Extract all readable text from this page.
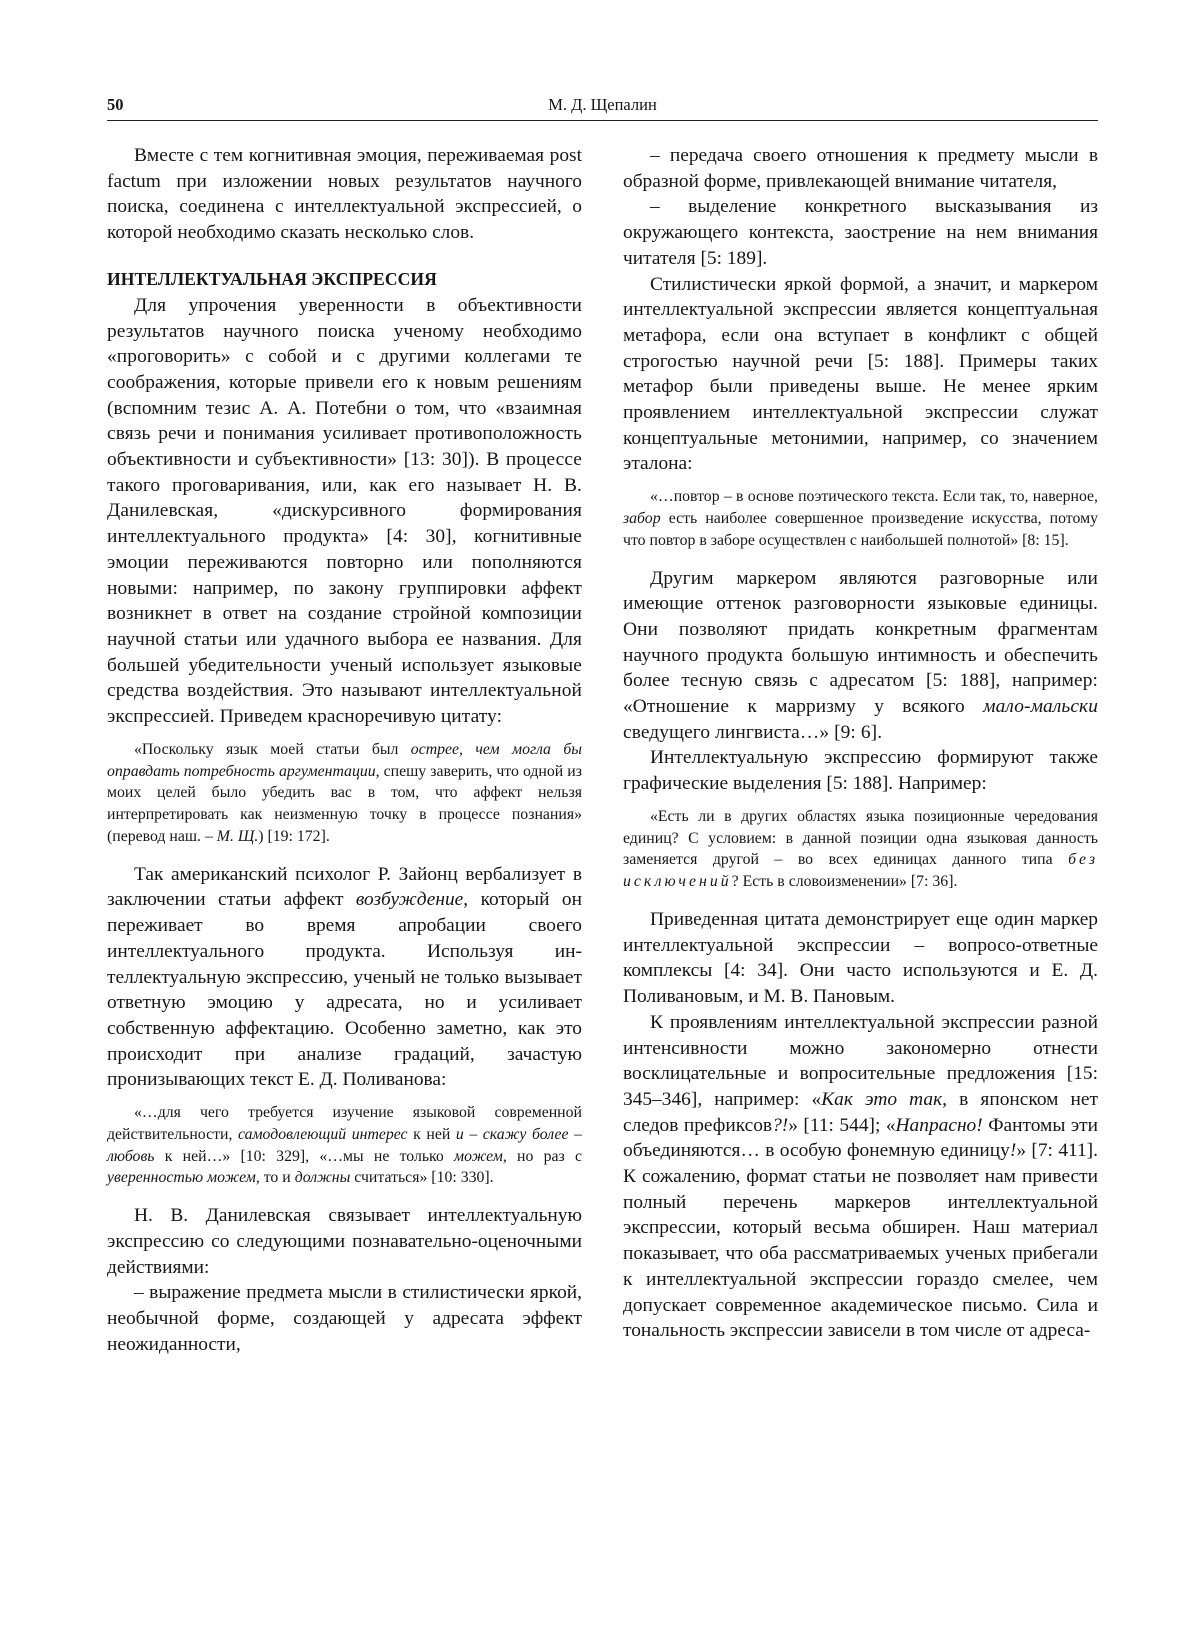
50	М. Д. Щепалин

Вместе с тем когнитивная эмоция, переживаемая post factum при изложении новых результатов научного поиска, соединена с интеллектуальной экспрессией, о которой необходимо сказать несколько слов.

ИНТЕЛЛЕКТУАЛЬНАЯ ЭКСПРЕССИЯ

Для упрочения уверенности в объективности результатов научного поиска ученому необходимо «проговорить» с собой и с другими коллегами те соображения, которые привели его к новым решениям (вспомним тезис А. А. Потебни о том, что «взаимная связь речи и понимания усиливает противоположность объективности и субъективности» [13: 30]). В процессе такого проговаривания, или, как его называет Н. В. Данилевская, «дискурсивного формирования интеллектуального продукта» [4: 30], когнитивные эмоции переживаются повторно или пополняются новыми: например, по закону группировки аффект возникнет в ответ на создание стройной композиции научной статьи или удачного выбора ее названия. Для большей убедительности ученый использует языковые средства воздействия. Это называют интеллектуальной экспрессией. Приведем красноречивую цитату:

«Поскольку язык моей статьи был острее, чем могла бы оправдать потребность аргументации, спешу заверить, что одной из моих целей было убедить вас в том, что аффект нельзя интерпретировать как неизменную точку в процессе познания» (перевод наш. – М. Щ.) [19: 172].

Так американский психолог Р. Зайонц вербализует в заключении статьи аффект возбуждение, который он переживает во время апробации своего интеллектуального продукта. Используя интеллектуальную экспрессию, ученый не только вызывает ответную эмоцию у адресата, но и усиливает собственную аффектацию. Особенно заметно, как это происходит при анализе градаций, зачастую пронизывающих текст Е. Д. Поливанова:

«…для чего требуется изучение языковой современной действительности, самодовлеющий интерес к ней и – скажу более – любовь к ней…» [10: 329], «…мы не только можем, но раз с уверенностью можем, то и должны считаться» [10: 330].

Н. В. Данилевская связывает интеллектуальную экспрессию со следующими познавательно-оценочными действиями:

– выражение предмета мысли в стилистически яркой, необычной форме, создающей у адресата эффект неожиданности,

– передача своего отношения к предмету мысли в образной форме, привлекающей внимание читателя,

– выделение конкретного высказывания из окружающего контекста, заострение на нем внимания читателя [5: 189].

Стилистически яркой формой, а значит, и маркером интеллектуальной экспрессии является концептуальная метафора, если она вступает в конфликт с общей строгостью научной речи [5: 188]. Примеры таких метафор были приведены выше. Не менее ярким проявлением интеллектуальной экспрессии служат концептуальные метонимии, например, со значением эталона:

«…повтор – в основе поэтического текста. Если так, то, наверное, забор есть наиболее совершенное произведение искусства, потому что повтор в заборе осуществлен с наибольшей полнотой» [8: 15].

Другим маркером являются разговорные или имеющие оттенок разговорности языковые единицы. Они позволяют придать конкретным фрагментам научного продукта большую интимность и обеспечить более тесную связь с адресатом [5: 188], например: «Отношение к марризму у всякого мало-мальски сведущего лингвиста…» [9: 6].

Интеллектуальную экспрессию формируют также графические выделения [5: 188]. Например:

«Есть ли в других областях языка позиционные чередования единиц? С условием: в данной позиции одна языковая данность заменяется другой – во всех единицах данного типа без исключений? Есть в словоизменении» [7: 36].

Приведенная цитата демонстрирует еще один маркер интеллектуальной экспрессии – вопросо-ответные комплексы [4: 34]. Они часто используются и Е. Д. Поливановым, и М. В. Пановым.

К проявлениям интеллектуальной экспрессии разной интенсивности можно закономерно отнести восклицательные и вопросительные предложения [15: 345–346], например: «Как это так, в японском нет следов префиксов?!» [11: 544]; «Напрасно! Фантомы эти объединяются… в особую фонемную единицу!» [7: 411]. К сожалению, формат статьи не позволяет нам привести полный перечень маркеров интеллектуальной экспрессии, который весьма обширен. Наш материал показывает, что оба рассматриваемых ученых прибегали к интеллектуальной экспрессии гораздо смелее, чем допускает современное академическое письмо. Сила и тональность экспрессии зависели в том числе от адреса-
